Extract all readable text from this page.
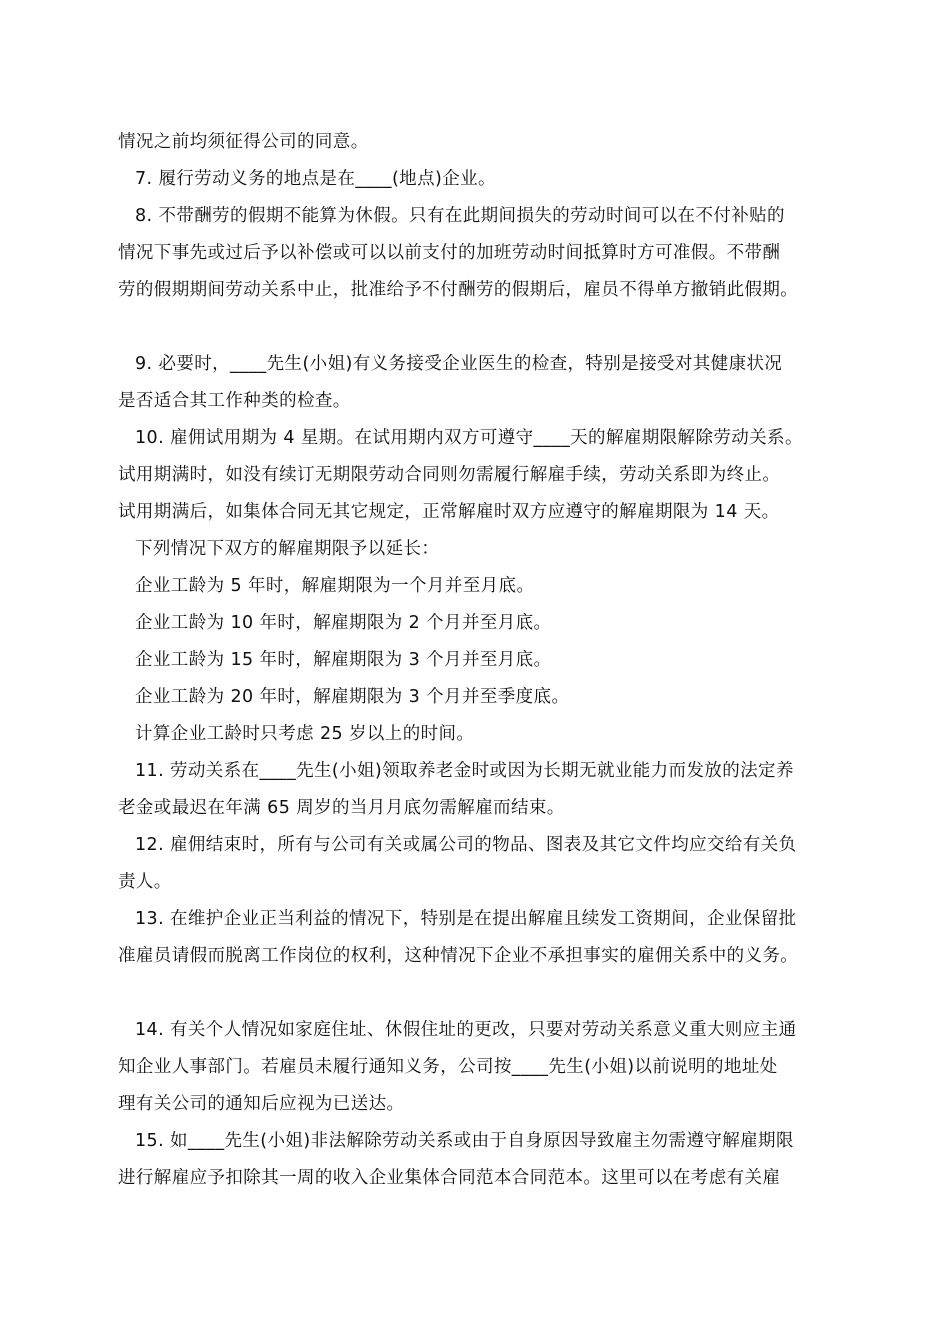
情况之前均须征得公司的同意。
7. 履行劳动义务的地点是在____(地点)企业。
8. 不带酬劳的假期不能算为休假。只有在此期间损失的劳动时间可以在不付补贴的
情况下事先或过后予以补偿或可以以前支付的加班劳动时间抵算时方可准假。不带酬
劳的假期期间劳动关系中止，批准给予不付酬劳的假期后，雇员不得单方撤销此假期。
9. 必要时，____先生(小姐)有义务接受企业医生的检查，特别是接受对其健康状况
是否适合其工作种类的检查。
10. 雇佣试用期为 4 星期。在试用期内双方可遵守____天的解雇期限解除劳动关系。
试用期满时，如没有续订无期限劳动合同则勿需履行解雇手续，劳动关系即为终止。
试用期满后，如集体合同无其它规定，正常解雇时双方应遵守的解雇期限为 14 天。
下列情况下双方的解雇期限予以延长：
企业工龄为 5 年时，解雇期限为一个月并至月底。
企业工龄为 10 年时，解雇期限为 2 个月并至月底。
企业工龄为 15 年时，解雇期限为 3 个月并至月底。
企业工龄为 20 年时，解雇期限为 3 个月并至季度底。
计算企业工龄时只考虑 25 岁以上的时间。
11. 劳动关系在____先生(小姐)领取养老金时或因为长期无就业能力而发放的法定养
老金或最迟在年满 65 周岁的当月月底勿需解雇而结束。
12. 雇佣结束时，所有与公司有关或属公司的物品、图表及其它文件均应交给有关负
责人。
13. 在维护企业正当利益的情况下，特别是在提出解雇且续发工资期间，企业保留批
准雇员请假而脱离工作岗位的权利，这种情况下企业不承担事实的雇佣关系中的义务。
14. 有关个人情况如家庭住址、休假住址的更改，只要对劳动关系意义重大则应主通
知企业人事部门。若雇员未履行通知义务，公司按____先生(小姐)以前说明的地址处
理有关公司的通知后应视为已送达。
15. 如____先生(小姐)非法解除劳动关系或由于自身原因导致雇主勿需遵守解雇期限
进行解雇应予扣除其一周的收入企业集体合同范本合同范本。这里可以在考虑有关雇
